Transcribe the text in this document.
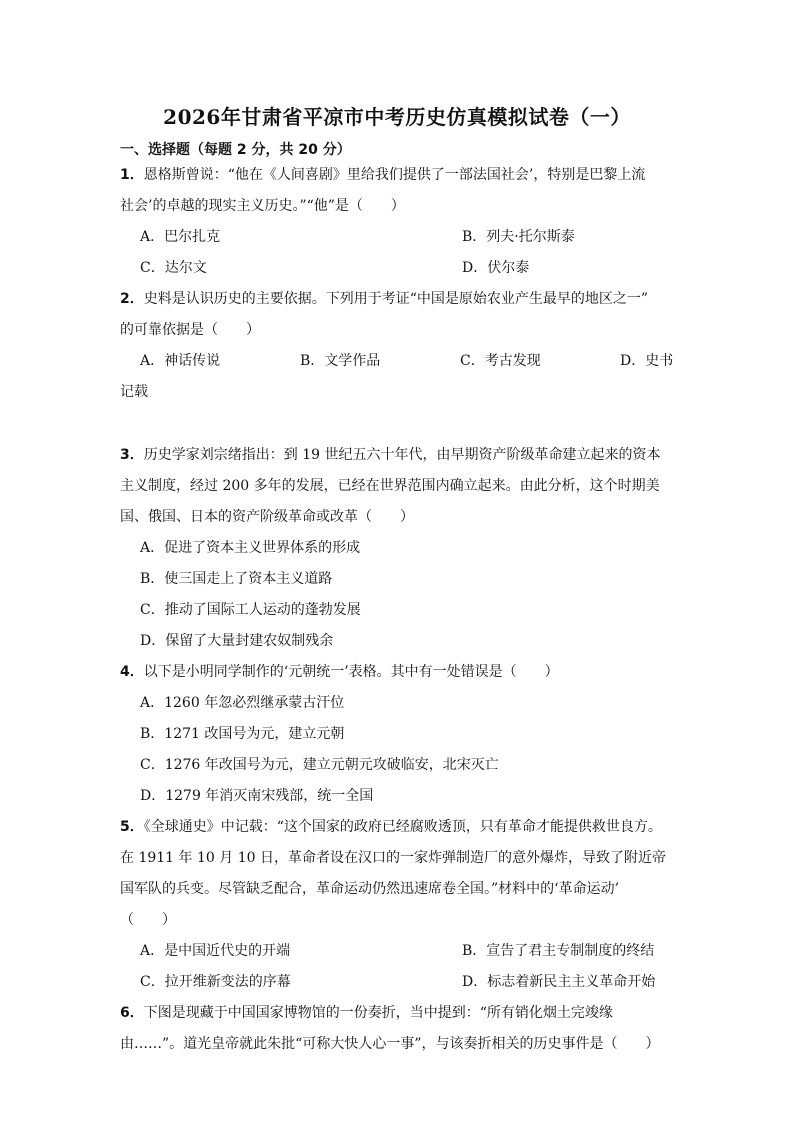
2026年甘肃省平凉市中考历史仿真模拟试卷（一）
一、选择题（每题 2 分，共 20 分）
1．恩格斯曾说：“他在《人间喜剧》里给我们提供了一部法国社会’，特别是巴黎上流
社会’的卓越的现实主义历史。”“他”是（　　）
A．巴尔扎克	B．列夫·托尔斯泰
C．达尔文	D．伏尔泰
2．史料是认识历史的主要依据。下列用于考证“中国是原始农业产生最早的地区之一”
的可靠依据是（　　）
A．神话传说	B．文学作品	C．考古发现	D．史书
记载
3．历史学家刘宗绪指出：到 19 世纪五六十年代，由早期资产阶级革命建立起来的资本
主义制度，经过 200 多年的发展，已经在世界范围内确立起来。由此分析，这个时期美
国、俄国、日本的资产阶级革命或改革（　　）
A．促进了资本主义世界体系的形成
B．使三国走上了资本主义道路
C．推动了国际工人运动的蓬勃发展
D．保留了大量封建农奴制残余
4．以下是小明同学制作的‘元朝统一’表格。其中有一处错误是（　　）
A．1260 年忽必烈继承蒙古汗位
B．1271 改国号为元，建立元朝
C．1276 年改国号为元，建立元朝元攻破临安，北宋灭亡
D．1279 年消灭南宋残部，统一全国
5．《全球通史》中记载：“这个国家的政府已经腐败透顶，只有革命才能提供救世良方。
在 1911 年 10 月 10 日，革命者设在汉口的一家炸弹制造厂的意外爆炸，导致了附近帝
国军队的兵变。尽管缺乏配合，革命运动仍然迅速席卷全国。”材料中的‘革命运动’
（　　）
A．是中国近代史的开端	B．宣告了君主专制制度的终结
C．拉开维新变法的序幕	D．标志着新民主主义革命开始
6．下图是现藏于中国国家博物馆的一份奏折，当中提到：“所有销化烟土完竣缘
由……”。道光皇帝就此朱批“可称大快人心一事”，与该奏折相关的历史事件是（　　）
